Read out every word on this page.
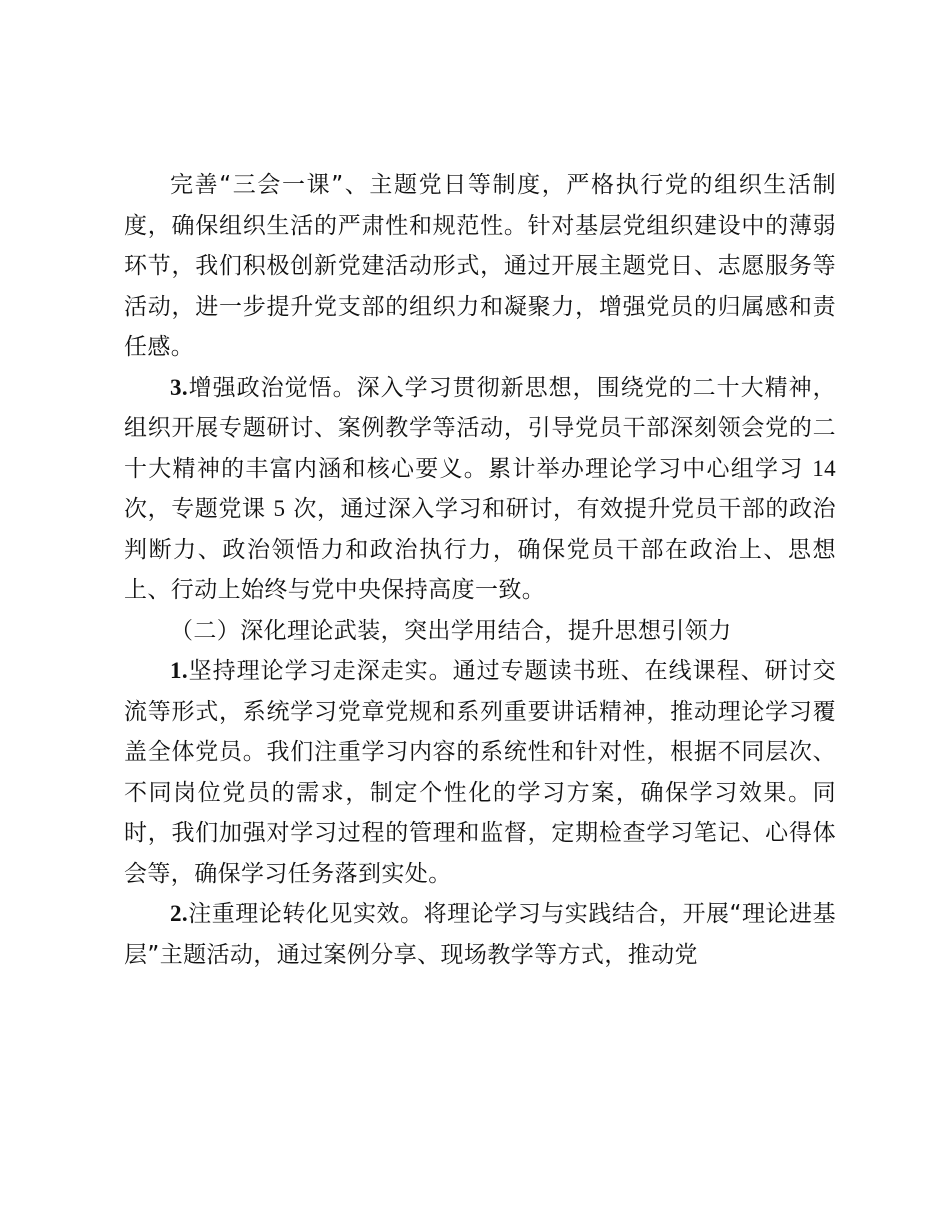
完善“三会一课”、主题党日等制度，严格执行党的组织生活制度，确保组织生活的严肃性和规范性。针对基层党组织建设中的薄弱环节，我们积极创新党建活动形式，通过开展主题党日、志愿服务等活动，进一步提升党支部的组织力和凝聚力，增强党员的归属感和责任感。

3.增强政治觉悟。深入学习贯彻新思想，围绕党的二十大精神，组织开展专题研讨、案例教学等活动，引导党员干部深刻领会党的二十大精神的丰富内涵和核心要义。累计举办理论学习中心组学习 14 次，专题党课 5 次，通过深入学习和研讨，有效提升党员干部的政治判断力、政治领悟力和政治执行力，确保党员干部在政治上、思想上、行动上始终与党中央保持高度一致。

（二）深化理论武装，突出学用结合，提升思想引领力

1.坚持理论学习走深走实。通过专题读书班、在线课程、研讨交流等形式，系统学习党章党规和系列重要讲话精神，推动理论学习覆盖全体党员。我们注重学习内容的系统性和针对性，根据不同层次、不同岗位党员的需求，制定个性化的学习方案，确保学习效果。同时，我们加强对学习过程的管理和监督，定期检查学习笔记、心得体会等，确保学习任务落到实处。

2.注重理论转化见实效。将理论学习与实践结合，开展“理论进基层”主题活动，通过案例分享、现场教学等方式，推动党
